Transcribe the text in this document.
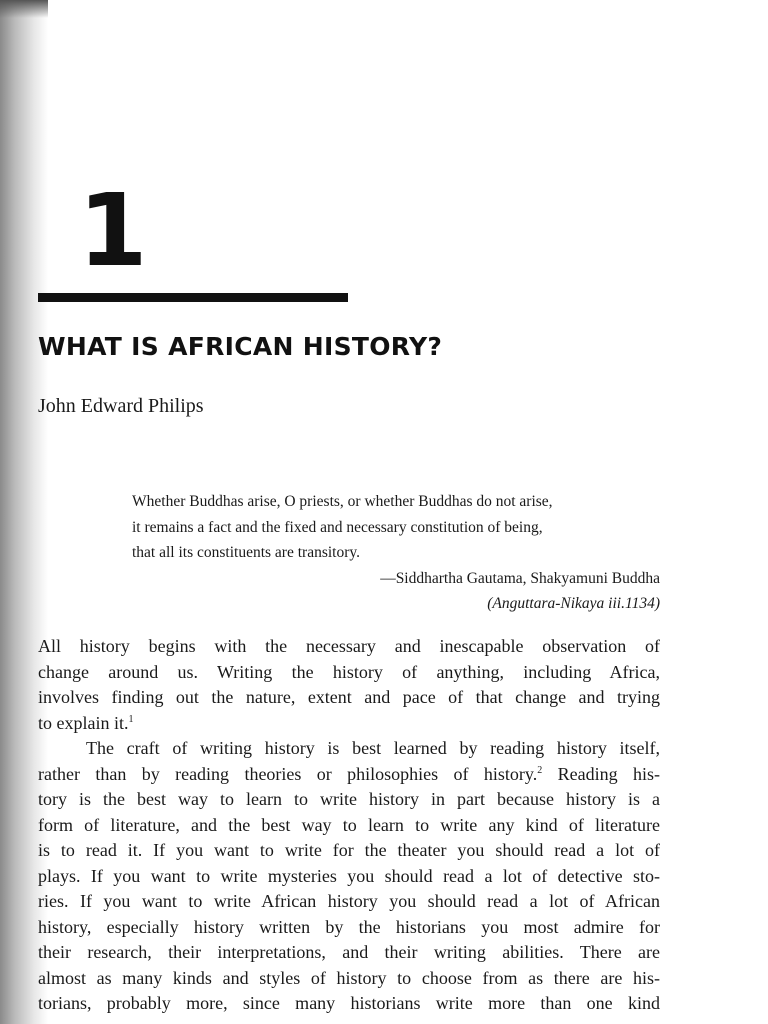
1
WHAT IS AFRICAN HISTORY?
John Edward Philips
Whether Buddhas arise, O priests, or whether Buddhas do not arise,
it remains a fact and the fixed and necessary constitution of being,
that all its constituents are transitory.
—Siddhartha Gautama, Shakyamuni Buddha
(Anguttara-Nikaya iii.1134)
All history begins with the necessary and inescapable observation of
change around us. Writing the history of anything, including Africa,
involves finding out the nature, extent and pace of that change and trying
to explain it.$^1$
The craft of writing history is best learned by reading history itself,
rather than by reading theories or philosophies of history.$^2$ Reading his-
tory is the best way to learn to write history in part because history is a
form of literature, and the best way to learn to write any kind of literature
is to read it. If you want to write for the theater you should read a lot of
plays. If you want to write mysteries you should read a lot of detective sto-
ries. If you want to write African history you should read a lot of African
history, especially history written by the historians you most admire for
their research, their interpretations, and their writing abilities. There are
almost as many kinds and styles of history to choose from as there are his-
torians, probably more, since many historians write more than one kind
